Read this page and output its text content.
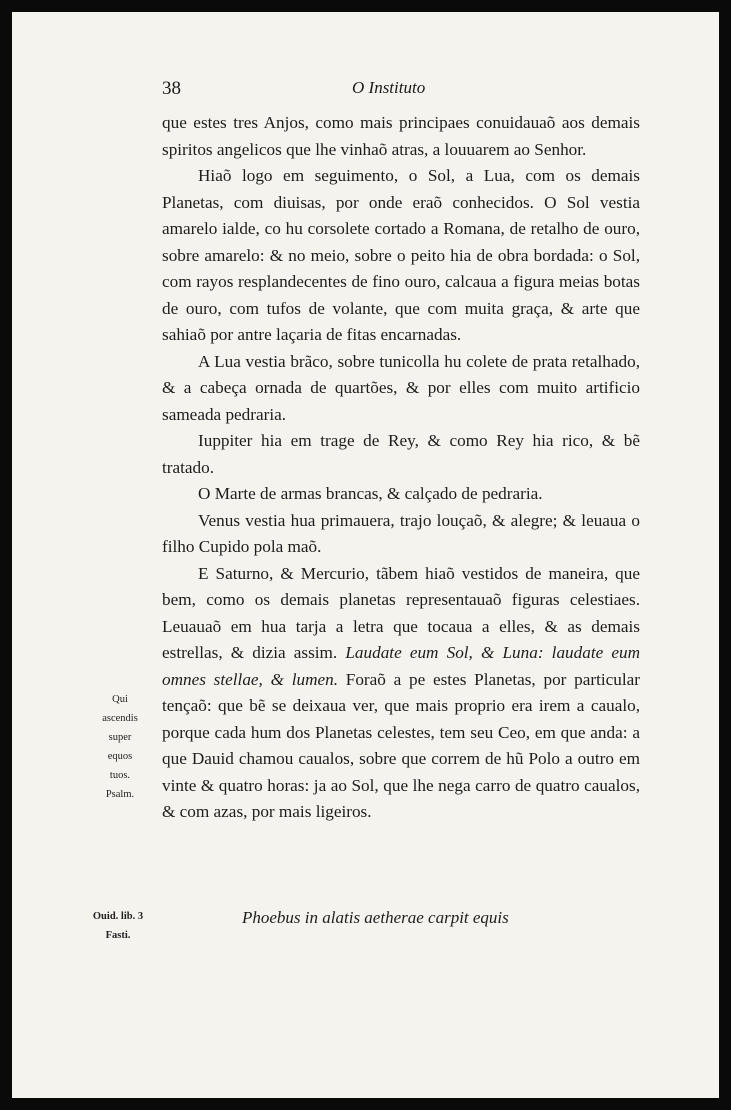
38	O Instituto

que estes tres Anjos, como mais principaes conuidauaõ aos demais spiritos angelicos que lhe vinhaõ atras, a louuarem ao Senhor.

Hiaõ logo em seguimento, o Sol, a Lua, com os demais Planetas, com diuisas, por onde eraõ conhecidos. O Sol vestia amarelo ialde, co hu corsolete cortado a Romana, de retalho de ouro, sobre amarelo: & no meio, sobre o peito hia de obra bordada: o Sol, com rayos resplandecentes de fino ouro, calcaua a figura meias botas de ouro, com tufos de volante, que com muita graça, & arte que sahiaõ por antre laçaria de fitas encarnadas.

A Lua vestia brãco, sobre tunicolla hu colete de prata retalhado, & a cabeça ornada de quartões, & por elles com muito artificio sameada pedraria.

Iuppiter hia em trage de Rey, & como Rey hia rico, & bẽ tratado.

O Marte de armas brancas, & calçado de pedraria.

Venus vestia hua primauera, trajo louçaõ, & alegre; & leuaua o filho Cupido pola maõ.

E Saturno, & Mercurio, tãbem hiaõ vestidos de maneira, que bem, como os demais planetas representauaõ figuras celestiaes. Leuauaõ em hua tarja a letra que tocaua a elles, & as demais estrellas, & dizia assim. Laudate eum Sol, & Luna: laudate eum omnes stellae, & lumen. Foraõ a pe estes Planetas, por particular tençaõ: que bẽ se deixaua ver, que mais proprio era irem a caualo, porque cada hum dos Planetas celestes, tem seu Ceo, em que anda: a que Dauid chamou caualos, sobre que correm de hũ Polo a outro em vinte & quatro horas: ja ao Sol, que lhe nega carro de quatro caualos, & com azas, por mais ligeiros.

Qui
ascendis
super
equos
tuos.
Psalm.
Ouid. lib. 3
Fasti.
Phoebus in alatis aetherae carpit equis
